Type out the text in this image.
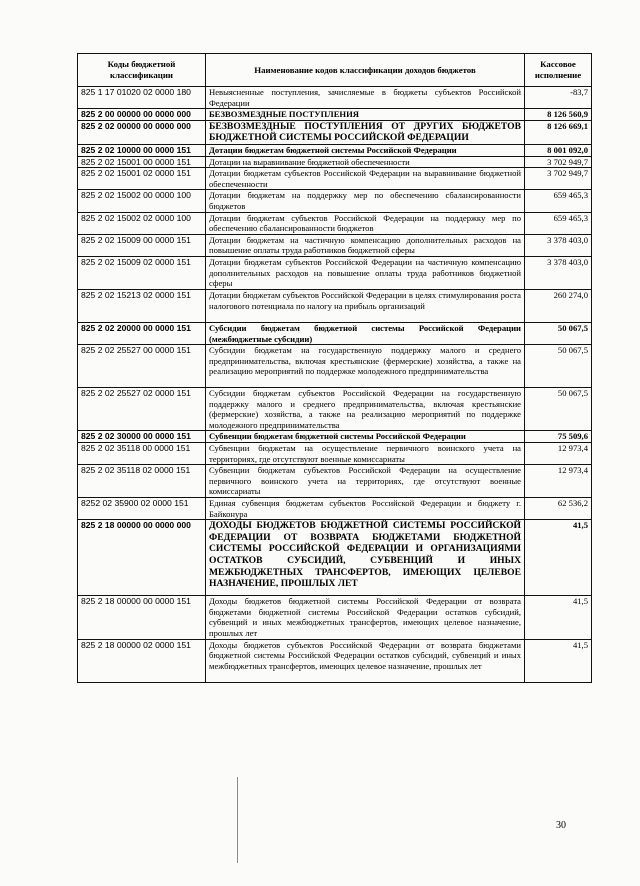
Коды бюджетной классификации	Наименование кодов классификации доходов бюджетов	Кассовое исполнение
825 1 17 01020 02 0000 180	Невыясненные поступления, зачисляемые в бюджеты субъектов Российской Федерации	-83,7
825 2 00 00000 00 0000 000	БЕЗВОЗМЕЗДНЫЕ ПОСТУПЛЕНИЯ	8 126 560,9
825 2 02 00000 00 0000 000	БЕЗВОЗМЕЗДНЫЕ ПОСТУПЛЕНИЯ ОТ ДРУГИХ БЮДЖЕТОВ БЮДЖЕТНОЙ СИСТЕМЫ РОССИЙСКОЙ ФЕДЕРАЦИИ	8 126 669,1
825 2 02 10000 00 0000 151	Дотации бюджетам бюджетной системы Российской Федерации	8 001 092,0
825 2 02 15001 00 0000 151	Дотации на выравнивание бюджетной обеспеченности	3 702 949,7
825 2 02 15001 02 0000 151	Дотации бюджетам субъектов Российской Федерации на выравнивание бюджетной обеспеченности	3 702 949,7
825 2 02 15002 00 0000 100	Дотации бюджетам на поддержку мер по обеспечению сбалансированности бюджетов	659 465,3
825 2 02 15002 02 0000 100	Дотации бюджетам субъектов Российской Федерации на поддержку мер по обеспечению сбалансированности бюджетов	659 465,3
825 2 02 15009 00 0000 151	Дотации бюджетам на частичную компенсацию дополнительных расходов на повышение оплаты труда работников бюджетной сферы	3 378 403,0
825 2 02 15009 02 0000 151	Дотации бюджетам субъектов Российской Федерации на частичную компенсацию дополнительных расходов на повышение оплаты труда работников бюджетной сферы	3 378 403,0
825 2 02 15213 02 0000 151	Дотации бюджетам субъектов Российской Федерации в целях стимулирования роста налогового потенциала по налогу на прибыль организаций	260 274,0
825 2 02 20000 00 0000 151	Субсидии бюджетам бюджетной системы Российской Федерации (межбюджетные субсидии)	50 067,5
825 2 02 25527 00 0000 151	Субсидии бюджетам на государственную поддержку малого и среднего предпринимательства, включая крестьянские (фермерские) хозяйства, а также на реализацию мероприятий по поддержке молодежного предпринимательства	50 067,5
825 2 02 25527 02 0000 151	Субсидии бюджетам субъектов Российской Федерации на государственную поддержку малого и среднего предпринимательства, включая крестьянские (фермерские) хозяйства, а также на реализацию мероприятий по поддержке молодежного предпринимательства	50 067,5
825 2 02 30000 00 0000 151	Субвенции бюджетам бюджетной системы Российской Федерации	75 509,6
825 2 02 35118 00 0000 151	Субвенции бюджетам на осуществление первичного воинского учета на территориях, где отсутствуют военные комиссариаты	12 973,4
825 2 02 35118 02 0000 151	Субвенции бюджетам субъектов Российской Федерации на осуществление первичного воинского учета на территориях, где отсутствуют военные комиссариаты	12 973,4
8252 02 35900 02 0000 151	Единая субвенция бюджетам субъектов Российской Федерации и бюджету г. Байконура	62 536,2
825 2 18 00000 00 0000 000	ДОХОДЫ БЮДЖЕТОВ БЮДЖЕТНОЙ СИСТЕМЫ РОССИЙСКОЙ ФЕДЕРАЦИИ ОТ ВОЗВРАТА БЮДЖЕТАМИ БЮДЖЕТНОЙ СИСТЕМЫ РОССИЙСКОЙ ФЕДЕРАЦИИ И ОРГАНИЗАЦИЯМИ ОСТАТКОВ СУБСИДИЙ, СУБВЕНЦИЙ И ИНЫХ МЕЖБЮДЖЕТНЫХ ТРАНСФЕРТОВ, ИМЕЮЩИХ ЦЕЛЕВОЕ НАЗНАЧЕНИЕ, ПРОШЛЫХ ЛЕТ	41,5
825 2 18 00000 00 0000 151	Доходы бюджетов бюджетной системы Российской Федерации от возврата бюджетами бюджетной системы Российской Федерации остатков субсидий, субвенций и иных межбюджетных трансфертов, имеющих целевое назначение, прошлых лет	41,5
825 2 18 00000 02 0000 151	Доходы бюджетов субъектов Российской Федерации от возврата бюджетами бюджетной системы Российской Федерации остатков субсидий, субвенций и иных межбюджетных трансфертов, имеющих целевое назначение, прошлых лет	41,5
30
